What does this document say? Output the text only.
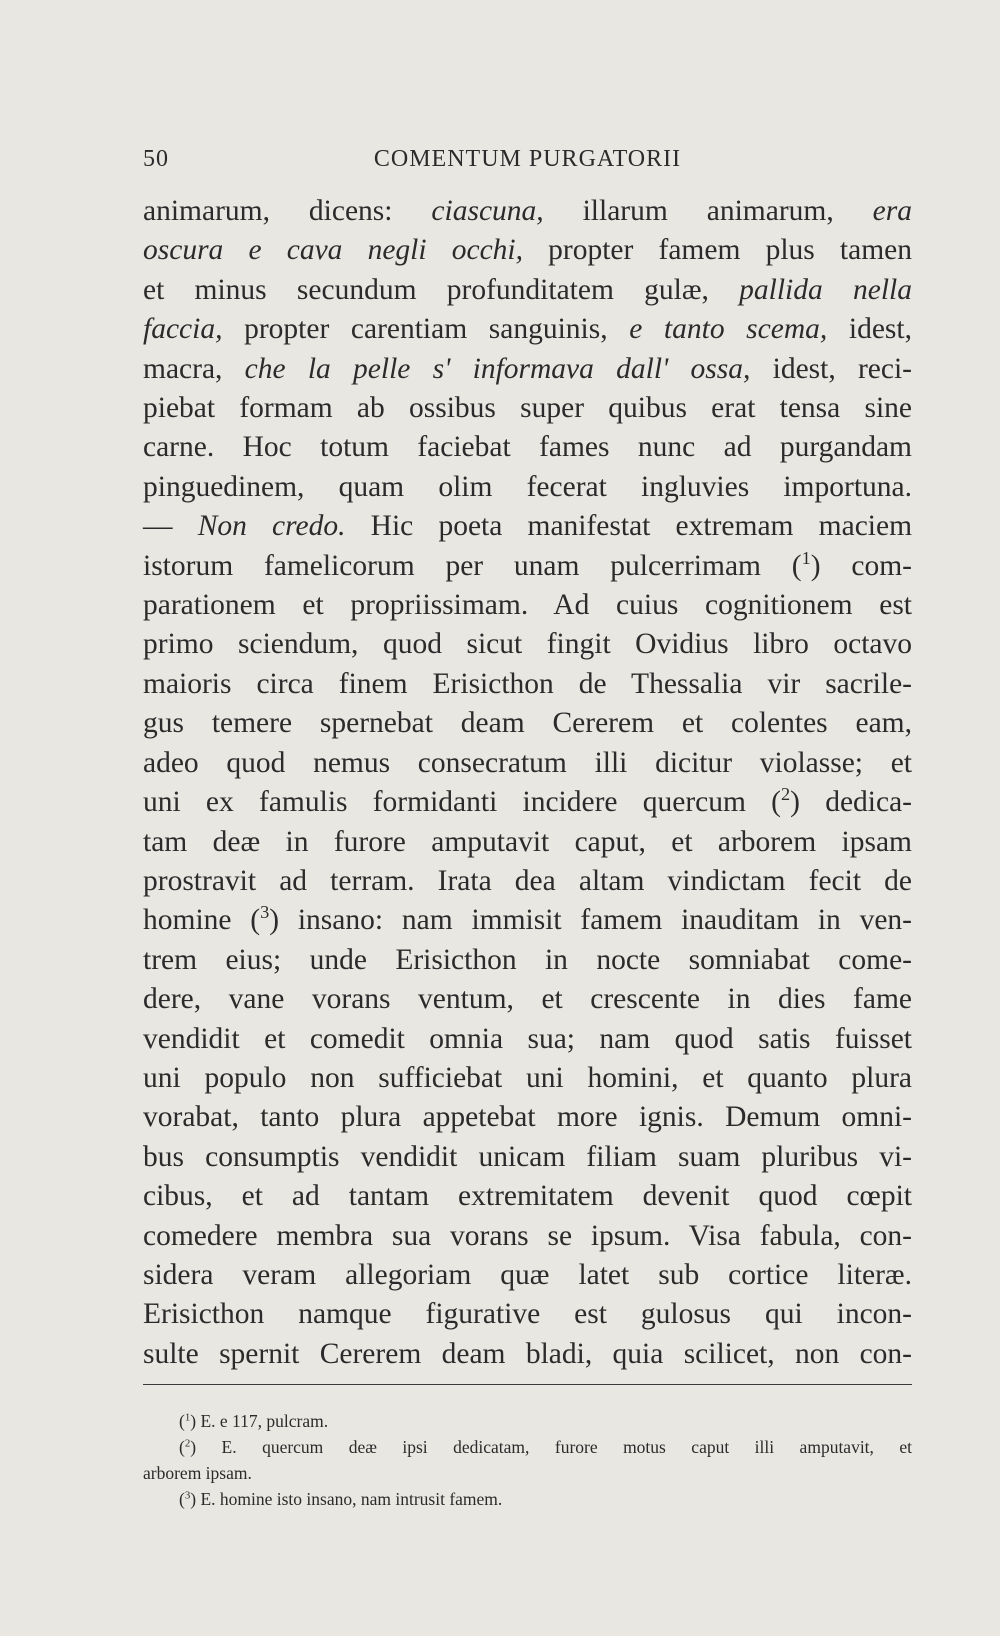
50	COMENTUM PURGATORII
animarum, dicens: ciascuna, illarum animarum, era
oscura e cava negli occhi, propter famem plus tamen
et minus secundum profunditatem gulæ, pallida nella
faccia, propter carentiam sanguinis, e tanto scema, idest,
macra, che la pelle s' informava dall' ossa, idest, reci-
piebat formam ab ossibus super quibus erat tensa sine
carne. Hoc totum faciebat fames nunc ad purgandam
pinguedinem, quam olim fecerat ingluvies importuna.
— Non credo. Hic poeta manifestat extremam maciem
istorum famelicorum per unam pulcerrimam ($^1$) com-
parationem et propriissimam. Ad cuius cognitionem est
primo sciendum, quod sicut fingit Ovidius libro octavo
maioris circa finem Erisicthon de Thessalia vir sacrile-
gus temere spernebat deam Cererem et colentes eam,
adeo quod nemus consecratum illi dicitur violasse; et
uni ex famulis formidanti incidere quercum ($^2$) dedica-
tam deæ in furore amputavit caput, et arborem ipsam
prostravit ad terram. Irata dea altam vindictam fecit de
homine ($^3$) insano: nam immisit famem inauditam in ven-
trem eius; unde Erisicthon in nocte somniabat come-
dere, vane vorans ventum, et crescente in dies fame
vendidit et comedit omnia sua; nam quod satis fuisset
uni populo non sufficiebat uni homini, et quanto plura
vorabat, tanto plura appetebat more ignis. Demum omni-
bus consumptis vendidit unicam filiam suam pluribus vi-
cibus, et ad tantam extremitatem devenit quod cœpit
comedere membra sua vorans se ipsum. Visa fabula, con-
sidera veram allegoriam quæ latet sub cortice literæ.
Erisicthon namque figurative est gulosus qui incon-
sulte spernit Cererem deam bladi, quia scilicet, non con-
($^1$) E. e 117, pulcram.
($^2$) E. quercum deæ ipsi dedicatam, furore motus caput illi amputavit, et
arborem ipsam.
($^3$) E. homine isto insano, nam intrusit famem.
